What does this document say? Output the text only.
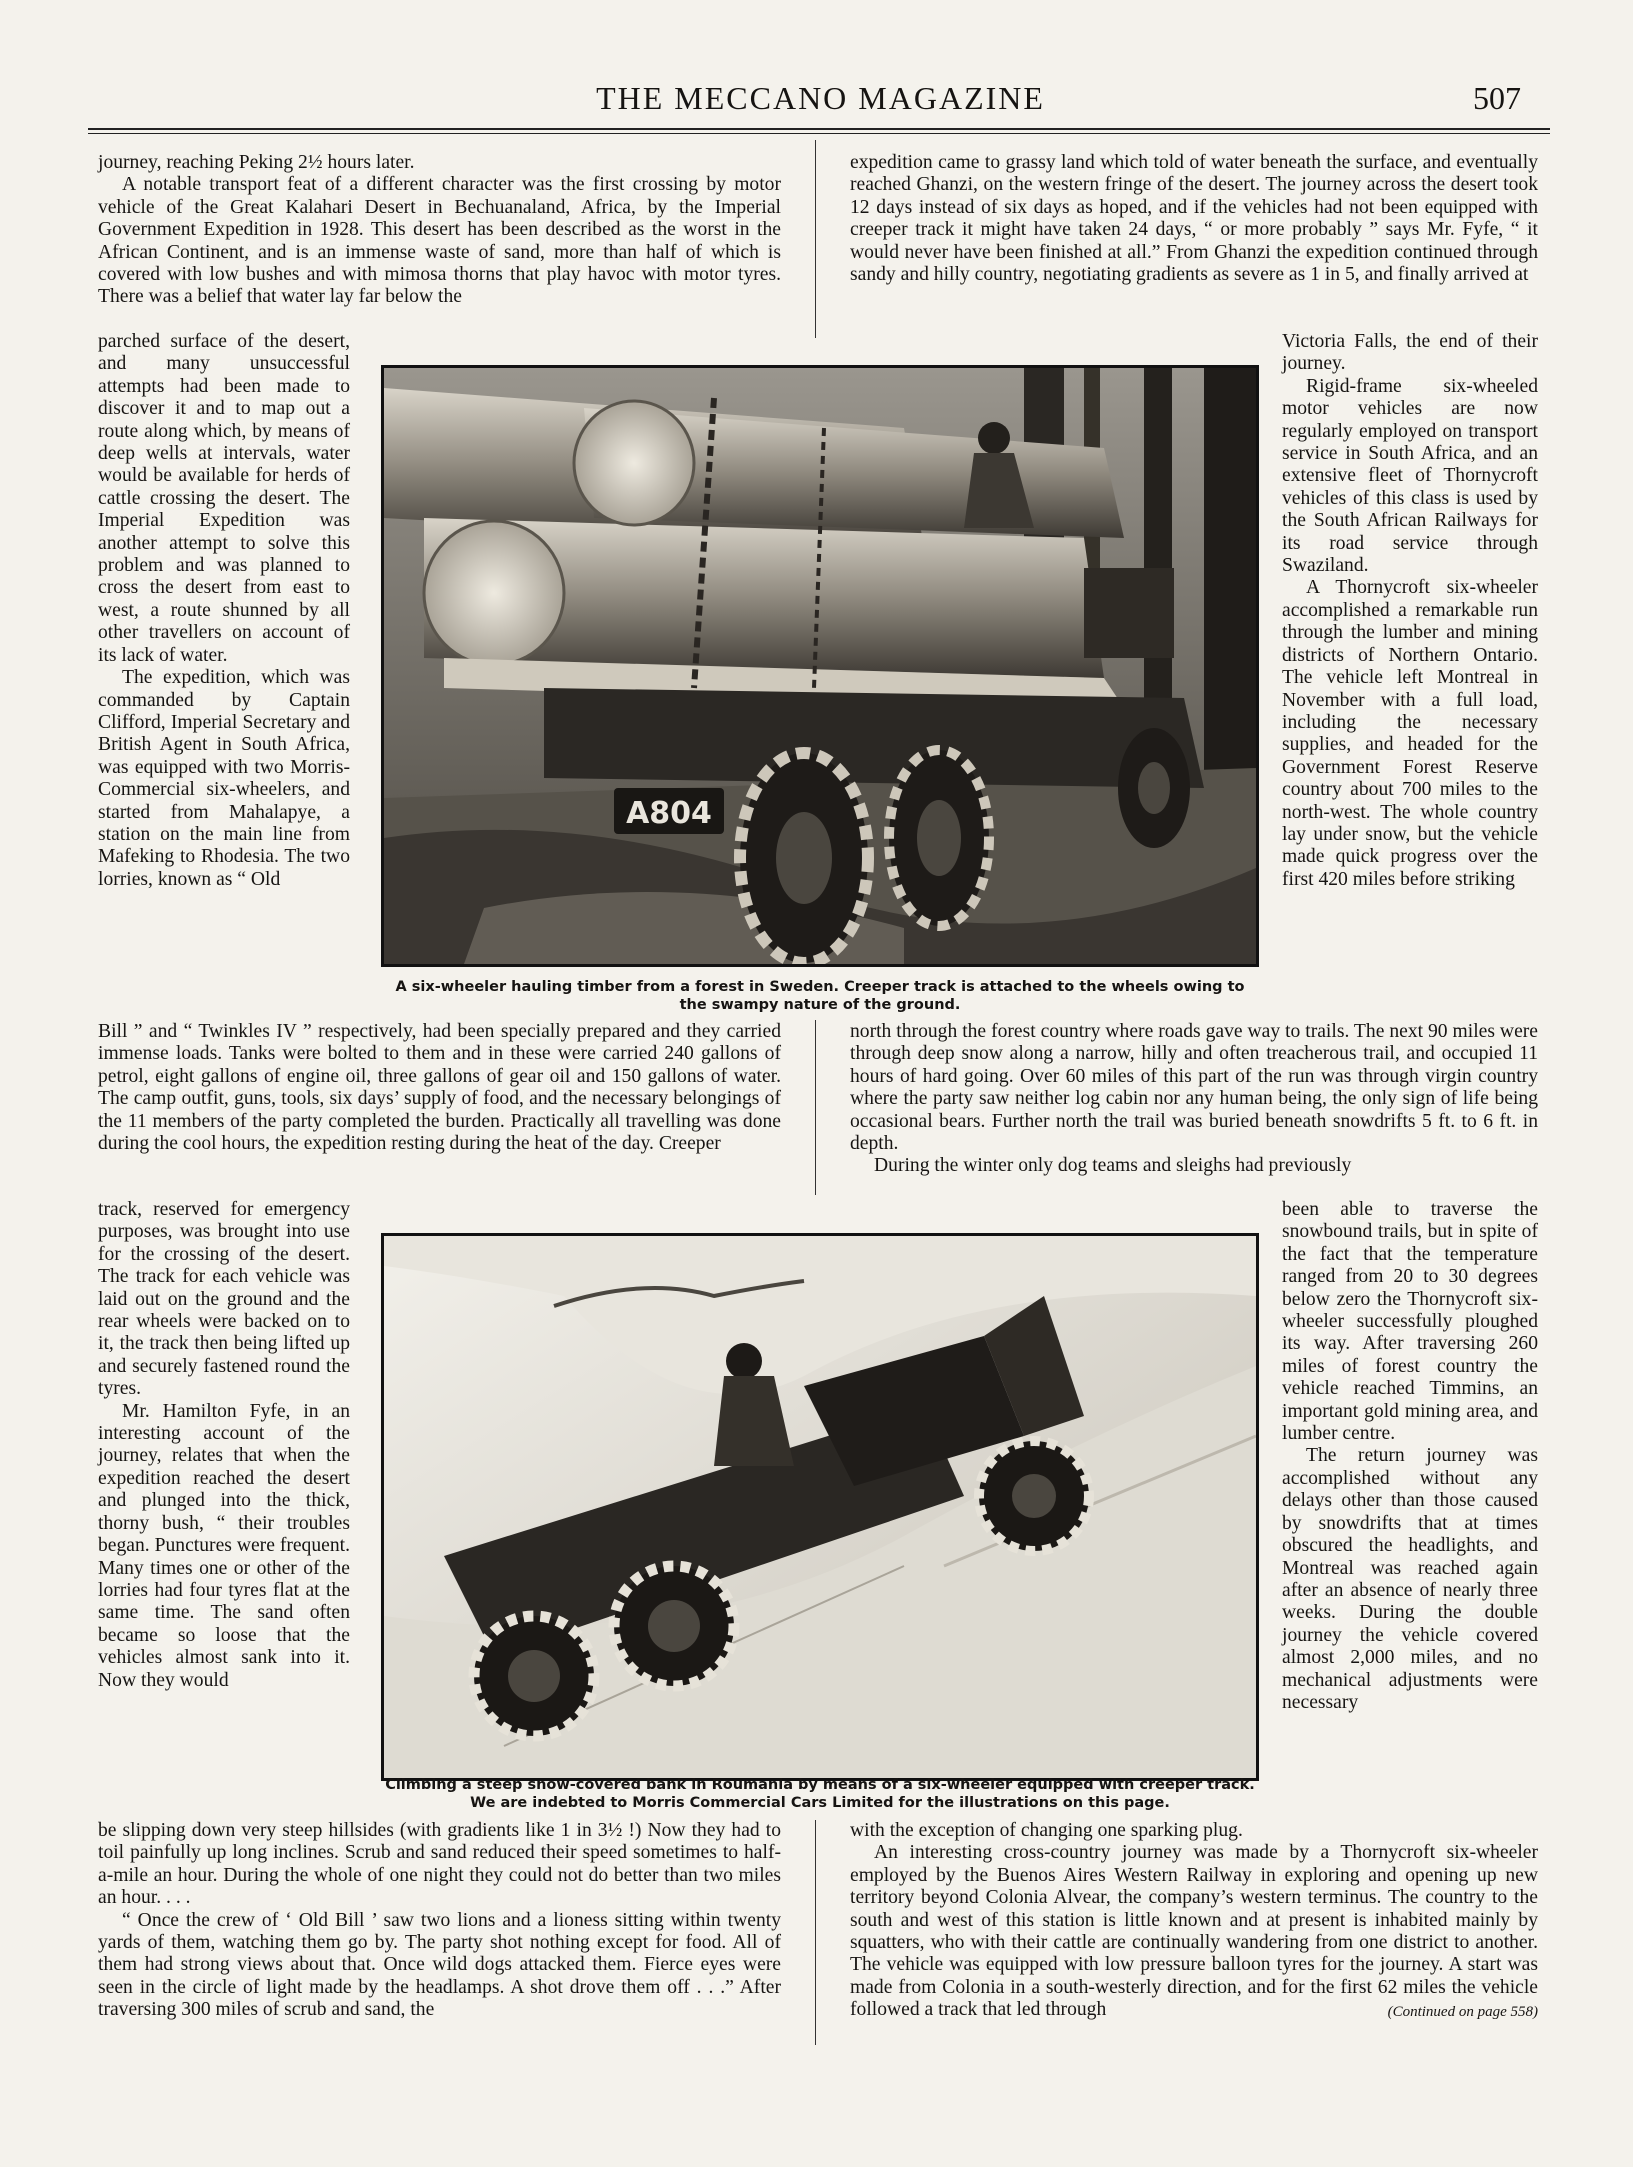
THE MECCANO MAGAZINE	507

journey, reaching Peking 2½ hours later.

A notable transport feat of a different character was the first crossing by motor vehicle of the Great Kalahari Desert in Bechuanaland, Africa, by the Imperial Government Expedition in 1928. This desert has been described as the worst in the African Continent, and is an immense waste of sand, more than half of which is covered with low bushes and with mimosa thorns that play havoc with motor tyres. There was a belief that water lay far below the

parched surface of the desert, and many unsuccessful attempts had been made to discover it and to map out a route along which, by means of deep wells at intervals, water would be available for herds of cattle crossing the desert. The Imperial Expedition was another attempt to solve this problem and was planned to cross the desert from east to west, a route shunned by all other travellers on account of its lack of water.

The expedition, which was commanded by Captain Clifford, Imperial Secretary and British Agent in South Africa, was equipped with two Morris-Commercial six-wheelers, and started from Mahalapye, a station on the main line from Mafeking to Rhodesia. The two lorries, known as “ Old

Bill ” and “ Twinkles IV ” respectively, had been specially prepared and they carried immense loads. Tanks were bolted to them and in these were carried 240 gallons of petrol, eight gallons of engine oil, three gallons of gear oil and 150 gallons of water. The camp outfit, guns, tools, six days’ supply of food, and the necessary belongings of the 11 members of the party completed the burden. Practically all travelling was done during the cool hours, the expedition resting during the heat of the day. Creeper

track, reserved for emergency purposes, was brought into use for the crossing of the desert. The track for each vehicle was laid out on the ground and the rear wheels were backed on to it, the track then being lifted up and securely fastened round the tyres.

Mr. Hamilton Fyfe, in an interesting account of the journey, relates that when the expedition reached the desert and plunged into the thick, thorny bush, “ their troubles began. Punctures were frequent. Many times one or other of the lorries had four tyres flat at the same time. The sand often became so loose that the vehicles almost sank into it. Now they would

be slipping down very steep hillsides (with gradients like 1 in 3½ !) Now they had to toil painfully up long inclines. Scrub and sand reduced their speed sometimes to half-a-mile an hour. During the whole of one night they could not do better than two miles an hour. . . .

“ Once the crew of ‘ Old Bill ’ saw two lions and a lioness sitting within twenty yards of them, watching them go by. The party shot nothing except for food. All of them had strong views about that. Once wild dogs attacked them. Fierce eyes were seen in the circle of light made by the headlamps. A shot drove them off . . .” After traversing 300 miles of scrub and sand, the

expedition came to grassy land which told of water beneath the surface, and eventually reached Ghanzi, on the western fringe of the desert. The journey across the desert took 12 days instead of six days as hoped, and if the vehicles had not been equipped with creeper track it might have taken 24 days, “ or more probably ” says Mr. Fyfe, “ it would never have been finished at all.” From Ghanzi the expedition continued through sandy and hilly country, negotiating gradients as severe as 1 in 5, and finally arrived at

Victoria Falls, the end of their journey.

Rigid-frame six-wheeled motor vehicles are now regularly employed on transport service in South Africa, and an extensive fleet of Thornycroft vehicles of this class is used by the South African Railways for its road service through Swaziland.

A Thornycroft six-wheeler accomplished a remarkable run through the lumber and mining districts of Northern Ontario. The vehicle left Montreal in November with a full load, including the necessary supplies, and headed for the Government Forest Reserve country about 700 miles to the north-west. The whole country lay under snow, but the vehicle made quick progress over the first 420 miles before striking

north through the forest country where roads gave way to trails. The next 90 miles were through deep snow along a narrow, hilly and often treacherous trail, and occupied 11 hours of hard going. Over 60 miles of this part of the run was through virgin country where the party saw neither log cabin nor any human being, the only sign of life being occasional bears. Further north the trail was buried beneath snowdrifts 5 ft. to 6 ft. in depth.

During the winter only dog teams and sleighs had previously

been able to traverse the snowbound trails, but in spite of the fact that the temperature ranged from 20 to 30 degrees below zero the Thornycroft six-wheeler successfully ploughed its way. After traversing 260 miles of forest country the vehicle reached Timmins, an important gold mining area, and lumber centre.

The return journey was accomplished without any delays other than those caused by snowdrifts that at times obscured the headlights, and Montreal was reached again after an absence of nearly three weeks. During the double journey the vehicle covered almost 2,000 miles, and no mechanical adjustments were necessary

with the exception of changing one sparking plug.

An interesting cross-country journey was made by a Thornycroft six-wheeler employed by the Buenos Aires Western Railway in exploring and opening up new territory beyond Colonia Alvear, the company’s western terminus. The country to the south and west of this station is little known and at present is inhabited mainly by squatters, who with their cattle are continually wandering from one district to another. The vehicle was equipped with low pressure balloon tyres for the journey. A start was made from Colonia in a south-westerly direction, and for the first 62 miles the vehicle followed a track that led through	(Continued on page 558)
A804
A six-wheeler hauling timber from a forest in Sweden. Creeper track is attached to the wheels owing to
the swampy nature of the ground.
Climbing a steep snow-covered bank in Roumania by means of a six-wheeler equipped with creeper track.
We are indebted to Morris Commercial Cars Limited for the illustrations on this page.
